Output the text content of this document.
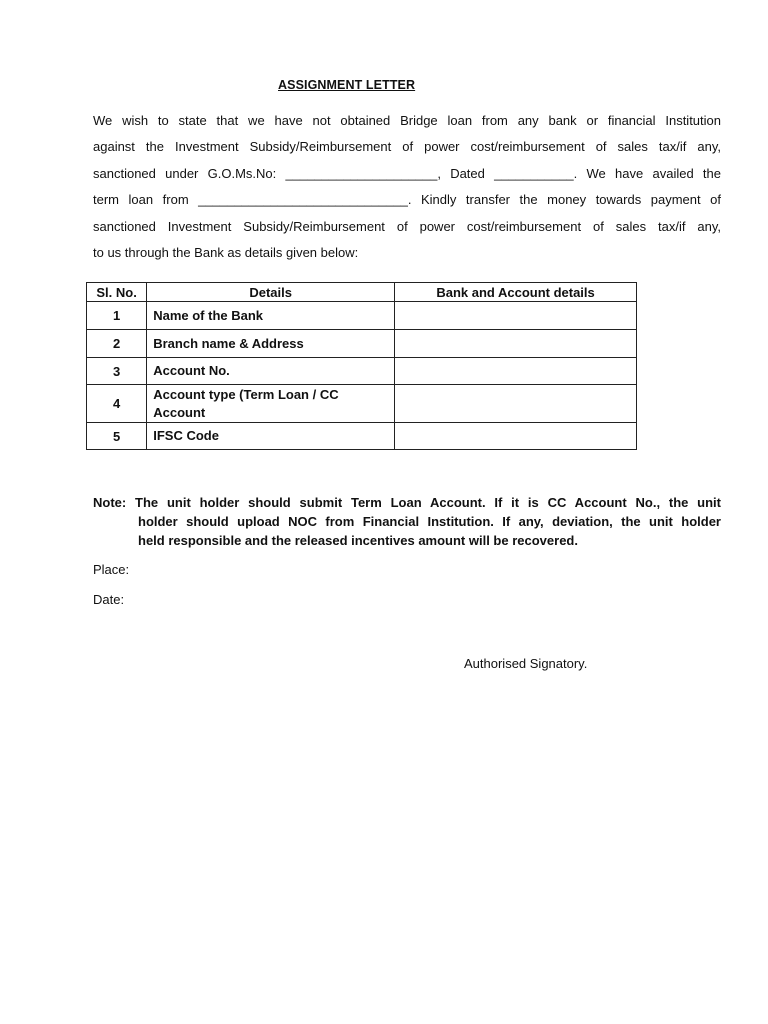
ASSIGNMENT LETTER
We wish to state that we have not obtained Bridge loan from any bank or financial Institution
against the Investment Subsidy/Reimbursement of power cost/reimbursement of sales tax/if any,
sanctioned under G.O.Ms.No: _____________________, Dated ___________. We have availed the
term loan from _____________________________. Kindly transfer the money towards payment of
sanctioned Investment Subsidy/Reimbursement of power cost/reimbursement of sales tax/if any,
to us through the Bank as details given below:
Sl. No.	Details	Bank and Account details
1	Name of the Bank	
2	Branch name & Address	
3	Account No.	
4	Account type (Term Loan / CC Account	
5	IFSC Code	
Note: The unit holder should submit Term Loan Account. If it is CC Account No., the unit
holder should upload NOC from Financial Institution. If any, deviation, the unit holder
held responsible and the released incentives amount will be recovered.
Place:
Date:
Authorised Signatory.
